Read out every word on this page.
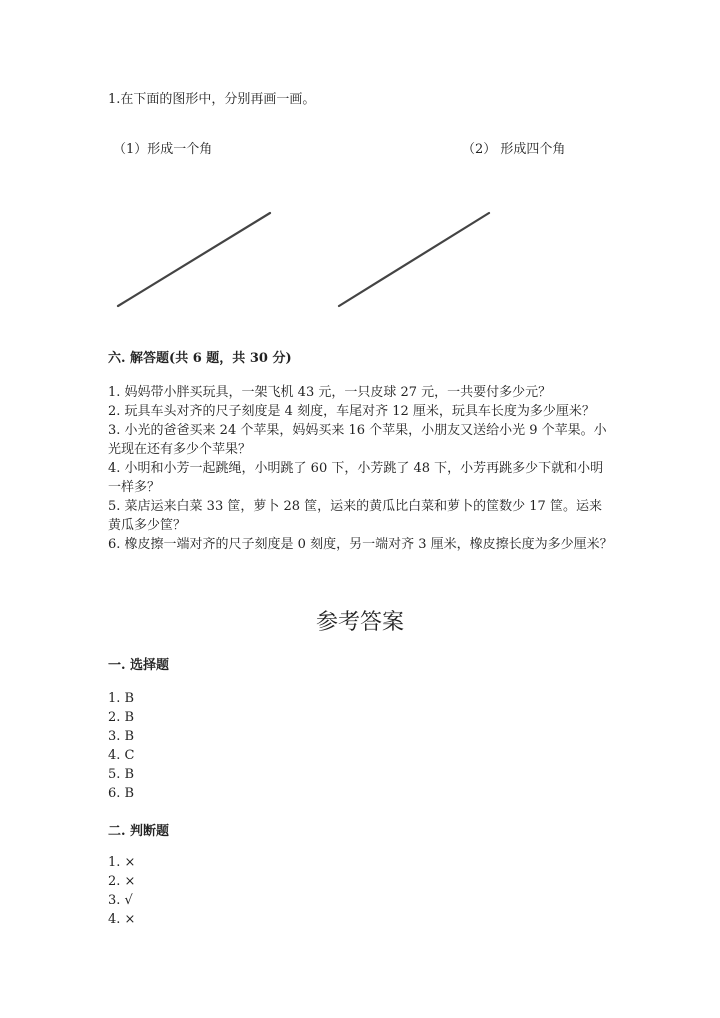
1.在下面的图形中，分别再画一画。
（1）形成一个角	（2） 形成四个角
六. 解答题(共 6 题，共 30 分)

1. 妈妈带小胖买玩具，一架飞机 43 元，一只皮球 27 元，一共要付多少元？

2. 玩具车头对齐的尺子刻度是 4 刻度，车尾对齐 12 厘米，玩具车长度为多少厘米？

3. 小光的爸爸买来 24 个苹果，妈妈买来 16 个苹果，小朋友又送给小光 9 个苹果。小光现在还有多少个苹果？

4. 小明和小芳一起跳绳，小明跳了 60 下，小芳跳了 48 下，小芳再跳多少下就和小明一样多？

5. 菜店运来白菜 33 筐，萝卜 28 筐，运来的黄瓜比白菜和萝卜的筐数少 17 筐。运来黄瓜多少筐？

6. 橡皮擦一端对齐的尺子刻度是 0 刻度，另一端对齐 3 厘米，橡皮擦长度为多少厘米？

参考答案
一. 选择题
1. B
2. B
3. B
4. C
5. B
6. B
二. 判断题
1. ×
2. ×
3. √
4. ×
